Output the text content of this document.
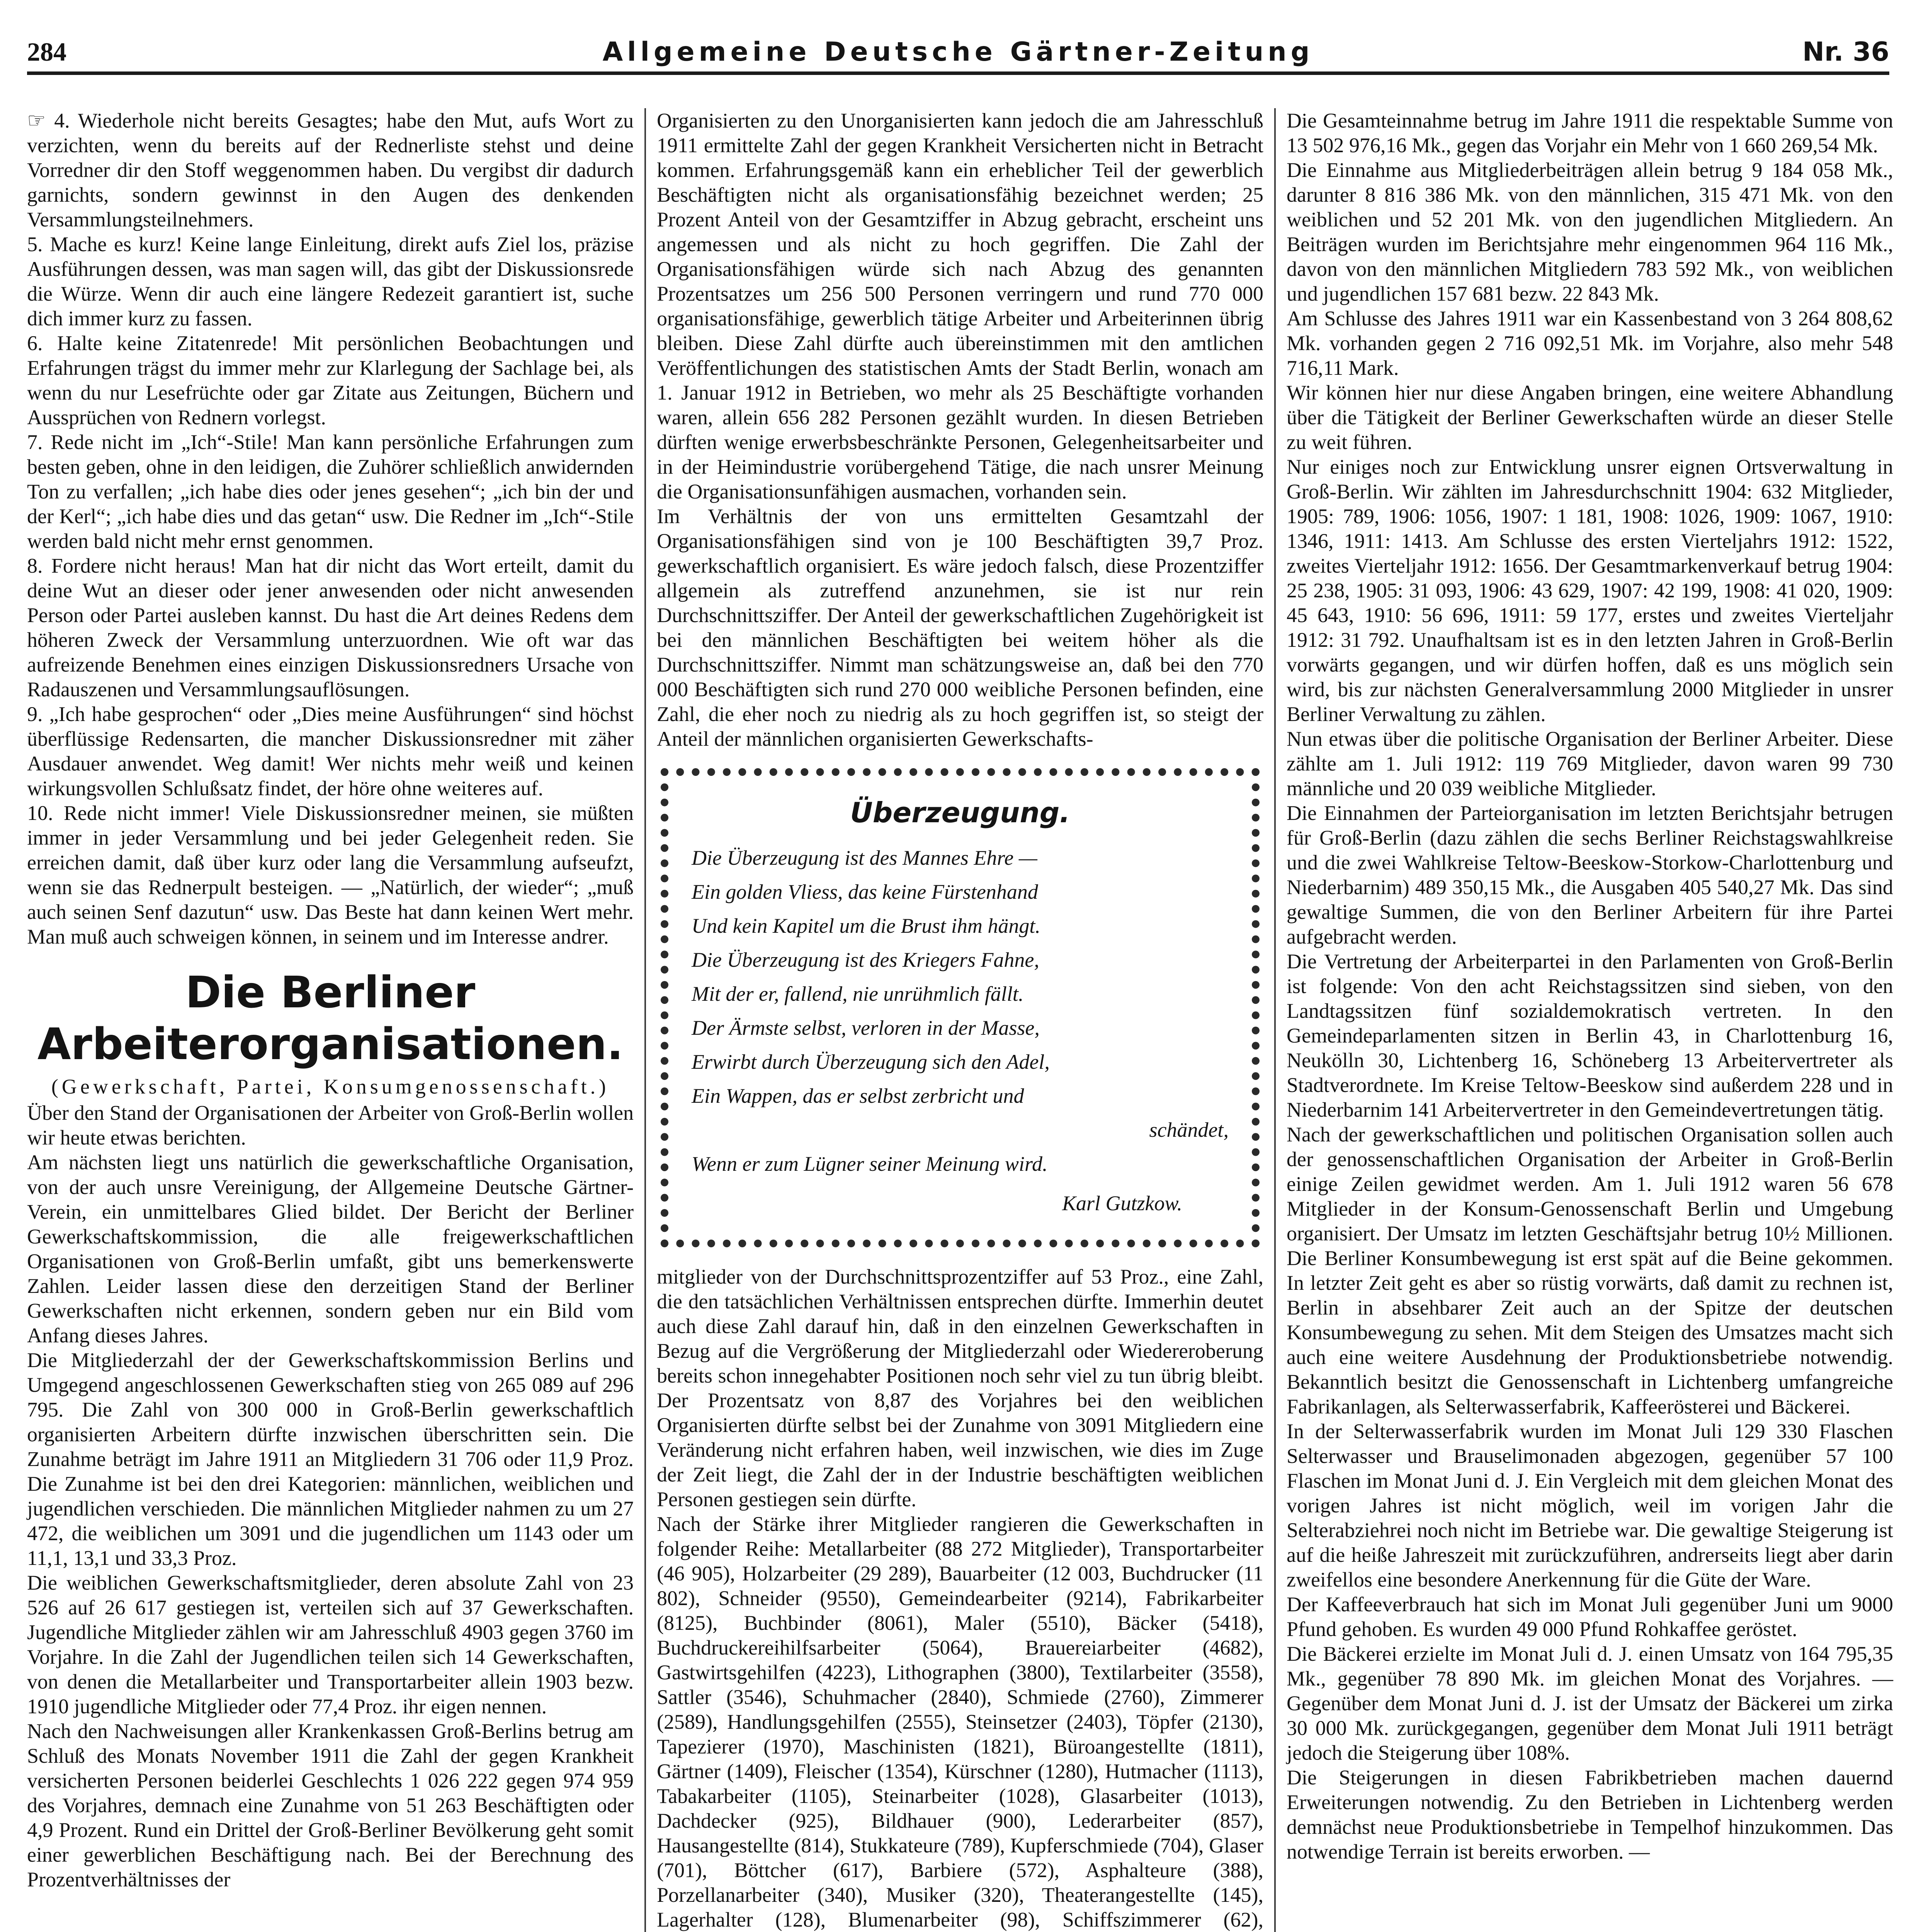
284	Allgemeine Deutsche Gärtner-Zeitung	Nr. 36

☞ 4. Wiederhole nicht bereits Gesagtes; habe den Mut, aufs Wort zu verzichten, wenn du bereits auf der Rednerliste stehst und deine Vorredner dir den Stoff weggenommen haben. Du vergibst dir dadurch garnichts, sondern gewinnst in den Augen des denkenden Versammlungsteilnehmers.

5. Mache es kurz! Keine lange Einleitung, direkt aufs Ziel los, präzise Ausführungen dessen, was man sagen will, das gibt der Diskussionsrede die Würze. Wenn dir auch eine längere Redezeit garantiert ist, suche dich immer kurz zu fassen.

6. Halte keine Zitatenrede! Mit persönlichen Beobachtungen und Erfahrungen trägst du immer mehr zur Klarlegung der Sachlage bei, als wenn du nur Lesefrüchte oder gar Zitate aus Zeitungen, Büchern und Aussprüchen von Rednern vorlegst.

7. Rede nicht im „Ich“-Stile! Man kann persönliche Erfahrungen zum besten geben, ohne in den leidigen, die Zuhörer schließlich anwidernden Ton zu verfallen; „ich habe dies oder jenes gesehen“; „ich bin der und der Kerl“; „ich habe dies und das getan“ usw. Die Redner im „Ich“-Stile werden bald nicht mehr ernst genommen.

8. Fordere nicht heraus! Man hat dir nicht das Wort erteilt, damit du deine Wut an dieser oder jener anwesenden oder nicht anwesenden Person oder Partei ausleben kannst. Du hast die Art deines Redens dem höheren Zweck der Versammlung unterzuordnen. Wie oft war das aufreizende Benehmen eines einzigen Diskussionsredners Ursache von Radauszenen und Versammlungsauflösungen.

9. „Ich habe gesprochen“ oder „Dies meine Ausführungen“ sind höchst überflüssige Redensarten, die mancher Diskussionsredner mit zäher Ausdauer anwendet. Weg damit! Wer nichts mehr weiß und keinen wirkungsvollen Schlußsatz findet, der höre ohne weiteres auf.

10. Rede nicht immer! Viele Diskussionsredner meinen, sie müßten immer in jeder Versammlung und bei jeder Gelegenheit reden. Sie erreichen damit, daß über kurz oder lang die Versammlung aufseufzt, wenn sie das Rednerpult besteigen. — „Natürlich, der wieder“; „muß auch seinen Senf dazutun“ usw. Das Beste hat dann keinen Wert mehr. Man muß auch schweigen können, in seinem und im Interesse andrer.

Die Berliner
Arbeiterorganisationen.

(Gewerkschaft, Partei, Konsumgenossenschaft.)

Über den Stand der Organisationen der Arbeiter von Groß-Berlin wollen wir heute etwas berichten.

Am nächsten liegt uns natürlich die gewerkschaftliche Organisation, von der auch unsre Vereinigung, der Allgemeine Deutsche Gärtner-Verein, ein unmittelbares Glied bildet. Der Bericht der Berliner Gewerkschaftskommission, die alle freigewerkschaftlichen Organisationen von Groß-Berlin umfaßt, gibt uns bemerkenswerte Zahlen. Leider lassen diese den derzeitigen Stand der Berliner Gewerkschaften nicht erkennen, sondern geben nur ein Bild vom Anfang dieses Jahres.

Die Mitgliederzahl der der Gewerkschaftskommission Berlins und Umgegend angeschlossenen Gewerkschaften stieg von 265 089 auf 296 795. Die Zahl von 300 000 in Groß-Berlin gewerkschaftlich organisierten Arbeitern dürfte inzwischen überschritten sein. Die Zunahme beträgt im Jahre 1911 an Mitgliedern 31 706 oder 11,9 Proz. Die Zunahme ist bei den drei Kategorien: männlichen, weiblichen und jugendlichen verschieden. Die männlichen Mitglieder nahmen zu um 27 472, die weiblichen um 3091 und die jugendlichen um 1143 oder um 11,1, 13,1 und 33,3 Proz.

Die weiblichen Gewerkschaftsmitglieder, deren absolute Zahl von 23 526 auf 26 617 gestiegen ist, verteilen sich auf 37 Gewerkschaften. Jugendliche Mitglieder zählen wir am Jahresschluß 4903 gegen 3760 im Vorjahre. In die Zahl der Jugendlichen teilen sich 14 Gewerkschaften, von denen die Metallarbeiter und Transportarbeiter allein 1903 bezw. 1910 jugendliche Mitglieder oder 77,4 Proz. ihr eigen nennen.

Nach den Nachweisungen aller Krankenkassen Groß-Berlins betrug am Schluß des Monats November 1911 die Zahl der gegen Krankheit versicherten Personen beiderlei Geschlechts 1 026 222 gegen 974 959 des Vorjahres, demnach eine Zunahme von 51 263 Beschäftigten oder 4,9 Prozent. Rund ein Drittel der Groß-Berliner Bevölkerung geht somit einer gewerblichen Beschäftigung nach. Bei der Berechnung des Prozentverhältnisses der

Organisierten zu den Unorganisierten kann jedoch die am Jahresschluß 1911 ermittelte Zahl der gegen Krankheit Versicherten nicht in Betracht kommen. Erfahrungsgemäß kann ein erheblicher Teil der gewerblich Beschäftigten nicht als organisationsfähig bezeichnet werden; 25 Prozent Anteil von der Gesamtziffer in Abzug gebracht, erscheint uns angemessen und als nicht zu hoch gegriffen. Die Zahl der Organisationsfähigen würde sich nach Abzug des genannten Prozentsatzes um 256 500 Personen verringern und rund 770 000 organisationsfähige, gewerblich tätige Arbeiter und Arbeiterinnen übrig bleiben. Diese Zahl dürfte auch übereinstimmen mit den amtlichen Veröffentlichungen des statistischen Amts der Stadt Berlin, wonach am 1. Januar 1912 in Betrieben, wo mehr als 25 Beschäftigte vorhanden waren, allein 656 282 Personen gezählt wurden. In diesen Betrieben dürften wenige erwerbsbeschränkte Personen, Gelegenheitsarbeiter und in der Heimindustrie vorübergehend Tätige, die nach unsrer Meinung die Organisationsunfähigen ausmachen, vorhanden sein.

Im Verhältnis der von uns ermittelten Gesamtzahl der Organisationsfähigen sind von je 100 Beschäftigten 39,7 Proz. gewerkschaftlich organisiert. Es wäre jedoch falsch, diese Prozentziffer allgemein als zutreffend anzunehmen, sie ist nur rein Durchschnittsziffer. Der Anteil der gewerkschaftlichen Zugehörigkeit ist bei den männlichen Beschäftigten bei weitem höher als die Durchschnittsziffer. Nimmt man schätzungsweise an, daß bei den 770 000 Beschäftigten sich rund 270 000 weibliche Personen befinden, eine Zahl, die eher noch zu niedrig als zu hoch gegriffen ist, so steigt der Anteil der männlichen organisierten Gewerkschafts-

Überzeugung.

Die Überzeugung ist des Mannes Ehre —

Ein golden Vliess, das keine Fürstenhand

Und kein Kapitel um die Brust ihm hängt.

Die Überzeugung ist des Kriegers Fahne,

Mit der er, fallend, nie unrühmlich fällt.

Der Ärmste selbst, verloren in der Masse,

Erwirbt durch Überzeugung sich den Adel,

Ein Wappen, das er selbst zerbricht und

schändet,

Wenn er zum Lügner seiner Meinung wird.

Karl Gutzkow.

mitglieder von der Durchschnittsprozentziffer auf 53 Proz., eine Zahl, die den tatsächlichen Verhältnissen entsprechen dürfte. Immerhin deutet auch diese Zahl darauf hin, daß in den einzelnen Gewerkschaften in Bezug auf die Vergrößerung der Mitgliederzahl oder Wiedereroberung bereits schon innegehabter Positionen noch sehr viel zu tun übrig bleibt. Der Prozentsatz von 8,87 des Vorjahres bei den weiblichen Organisierten dürfte selbst bei der Zunahme von 3091 Mitgliedern eine Veränderung nicht erfahren haben, weil inzwischen, wie dies im Zuge der Zeit liegt, die Zahl der in der Industrie beschäftigten weiblichen Personen gestiegen sein dürfte.

Nach der Stärke ihrer Mitglieder rangieren die Gewerkschaften in folgender Reihe: Metallarbeiter (88 272 Mitglieder), Transportarbeiter (46 905), Holzarbeiter (29 289), Bauarbeiter (12 003, Buchdrucker (11 802), Schneider (9550), Gemeindearbeiter (9214), Fabrikarbeiter (8125), Buchbinder (8061), Maler (5510), Bäcker (5418), Buchdruckereihilfsarbeiter (5064), Brauereiarbeiter (4682), Gastwirtsgehilfen (4223), Lithographen (3800), Textilarbeiter (3558), Sattler (3546), Schuhmacher (2840), Schmiede (2760), Zimmerer (2589), Handlungsgehilfen (2555), Steinsetzer (2403), Töpfer (2130), Tapezierer (1970), Maschinisten (1821), Büroangestellte (1811), Gärtner (1409), Fleischer (1354), Kürschner (1280), Hutmacher (1113), Tabakarbeiter (1105), Steinarbeiter (1028), Glasarbeiter (1013), Dachdecker (925), Bildhauer (900), Lederarbeiter (857), Hausangestellte (814), Stukkateure (789), Kupferschmiede (704), Glaser (701), Böttcher (617), Barbiere (572), Asphalteure (388), Porzellanarbeiter (340), Musiker (320), Theaterangestellte (145), Lagerhalter (128), Blumenarbeiter (98), Schiffszimmerer (62),

Die Gesamteinnahme betrug im Jahre 1911 die respektable Summe von 13 502 976,16 Mk., gegen das Vorjahr ein Mehr von 1 660 269,54 Mk.

Die Einnahme aus Mitgliederbeiträgen allein betrug 9 184 058 Mk., darunter 8 816 386 Mk. von den männlichen, 315 471 Mk. von den weiblichen und 52 201 Mk. von den jugendlichen Mitgliedern. An Beiträgen wurden im Berichtsjahre mehr eingenommen 964 116 Mk., davon von den männlichen Mitgliedern 783 592 Mk., von weiblichen und jugendlichen 157 681 bezw. 22 843 Mk.

Am Schlusse des Jahres 1911 war ein Kassenbestand von 3 264 808,62 Mk. vorhanden gegen 2 716 092,51 Mk. im Vorjahre, also mehr 548 716,11 Mark.

Wir können hier nur diese Angaben bringen, eine weitere Abhandlung über die Tätigkeit der Berliner Gewerkschaften würde an dieser Stelle zu weit führen.

Nur einiges noch zur Entwicklung unsrer eignen Ortsverwaltung in Groß-Berlin. Wir zählten im Jahresdurchschnitt 1904: 632 Mitglieder, 1905: 789, 1906: 1056, 1907: 1 181, 1908: 1026, 1909: 1067, 1910: 1346, 1911: 1413. Am Schlusse des ersten Vierteljahrs 1912: 1522, zweites Vierteljahr 1912: 1656. Der Gesamtmarkenverkauf betrug 1904: 25 238, 1905: 31 093, 1906: 43 629, 1907: 42 199, 1908: 41 020, 1909: 45 643, 1910: 56 696, 1911: 59 177, erstes und zweites Vierteljahr 1912: 31 792. Unaufhaltsam ist es in den letzten Jahren in Groß-Berlin vorwärts gegangen, und wir dürfen hoffen, daß es uns möglich sein wird, bis zur nächsten Generalversammlung 2000 Mitglieder in unsrer Berliner Verwaltung zu zählen.

Nun etwas über die politische Organisation der Berliner Arbeiter. Diese zählte am 1. Juli 1912: 119 769 Mitglieder, davon waren 99 730 männliche und 20 039 weibliche Mitglieder.

Die Einnahmen der Parteiorganisation im letzten Berichtsjahr betrugen für Groß-Berlin (dazu zählen die sechs Berliner Reichstagswahlkreise und die zwei Wahlkreise Teltow-Beeskow-Storkow-Charlottenburg und Niederbarnim) 489 350,15 Mk., die Ausgaben 405 540,27 Mk. Das sind gewaltige Summen, die von den Berliner Arbeitern für ihre Partei aufgebracht werden.

Die Vertretung der Arbeiterpartei in den Parlamenten von Groß-Berlin ist folgende: Von den acht Reichstagssitzen sind sieben, von den Landtagssitzen fünf sozialdemokratisch vertreten. In den Gemeindeparlamenten sitzen in Berlin 43, in Charlottenburg 16, Neukölln 30, Lichtenberg 16, Schöneberg 13 Arbeitervertreter als Stadtverordnete. Im Kreise Teltow-Beeskow sind außerdem 228 und in Niederbarnim 141 Arbeitervertreter in den Gemeindevertretungen tätig.

Nach der gewerkschaftlichen und politischen Organisation sollen auch der genossenschaftlichen Organisation der Arbeiter in Groß-Berlin einige Zeilen gewidmet werden. Am 1. Juli 1912 waren 56 678 Mitglieder in der Konsum-Genossenschaft Berlin und Umgebung organisiert. Der Umsatz im letzten Geschäftsjahr betrug 10½ Millionen. Die Berliner Konsumbewegung ist erst spät auf die Beine gekommen. In letzter Zeit geht es aber so rüstig vorwärts, daß damit zu rechnen ist, Berlin in absehbarer Zeit auch an der Spitze der deutschen Konsumbewegung zu sehen. Mit dem Steigen des Umsatzes macht sich auch eine weitere Ausdehnung der Produktionsbetriebe notwendig. Bekanntlich besitzt die Genossenschaft in Lichtenberg umfangreiche Fabrikanlagen, als Selterwasserfabrik, Kaffeerösterei und Bäckerei.

In der Selterwasserfabrik wurden im Monat Juli 129 330 Flaschen Selterwasser und Brauselimonaden abgezogen, gegenüber 57 100 Flaschen im Monat Juni d. J. Ein Vergleich mit dem gleichen Monat des vorigen Jahres ist nicht möglich, weil im vorigen Jahr die Selterabziehrei noch nicht im Betriebe war. Die gewaltige Steigerung ist auf die heiße Jahreszeit mit zurückzuführen, andrerseits liegt aber darin zweifellos eine besondere Anerkennung für die Güte der Ware.

Der Kaffeeverbrauch hat sich im Monat Juli gegenüber Juni um 9000 Pfund gehoben. Es wurden 49 000 Pfund Rohkaffee geröstet.

Die Bäckerei erzielte im Monat Juli d. J. einen Umsatz von 164 795,35 Mk., gegenüber 78 890 Mk. im gleichen Monat des Vorjahres. — Gegenüber dem Monat Juni d. J. ist der Umsatz der Bäckerei um zirka 30 000 Mk. zurückgegangen, gegenüber dem Monat Juli 1911 beträgt jedoch die Steigerung über 108%.

Die Steigerungen in diesen Fabrikbetrieben machen dauernd Erweiterungen notwendig. Zu den Betrieben in Lichtenberg werden demnächst neue Produktionsbetriebe in Tempelhof hinzukommen. Das notwendige Terrain ist bereits erworben. —
